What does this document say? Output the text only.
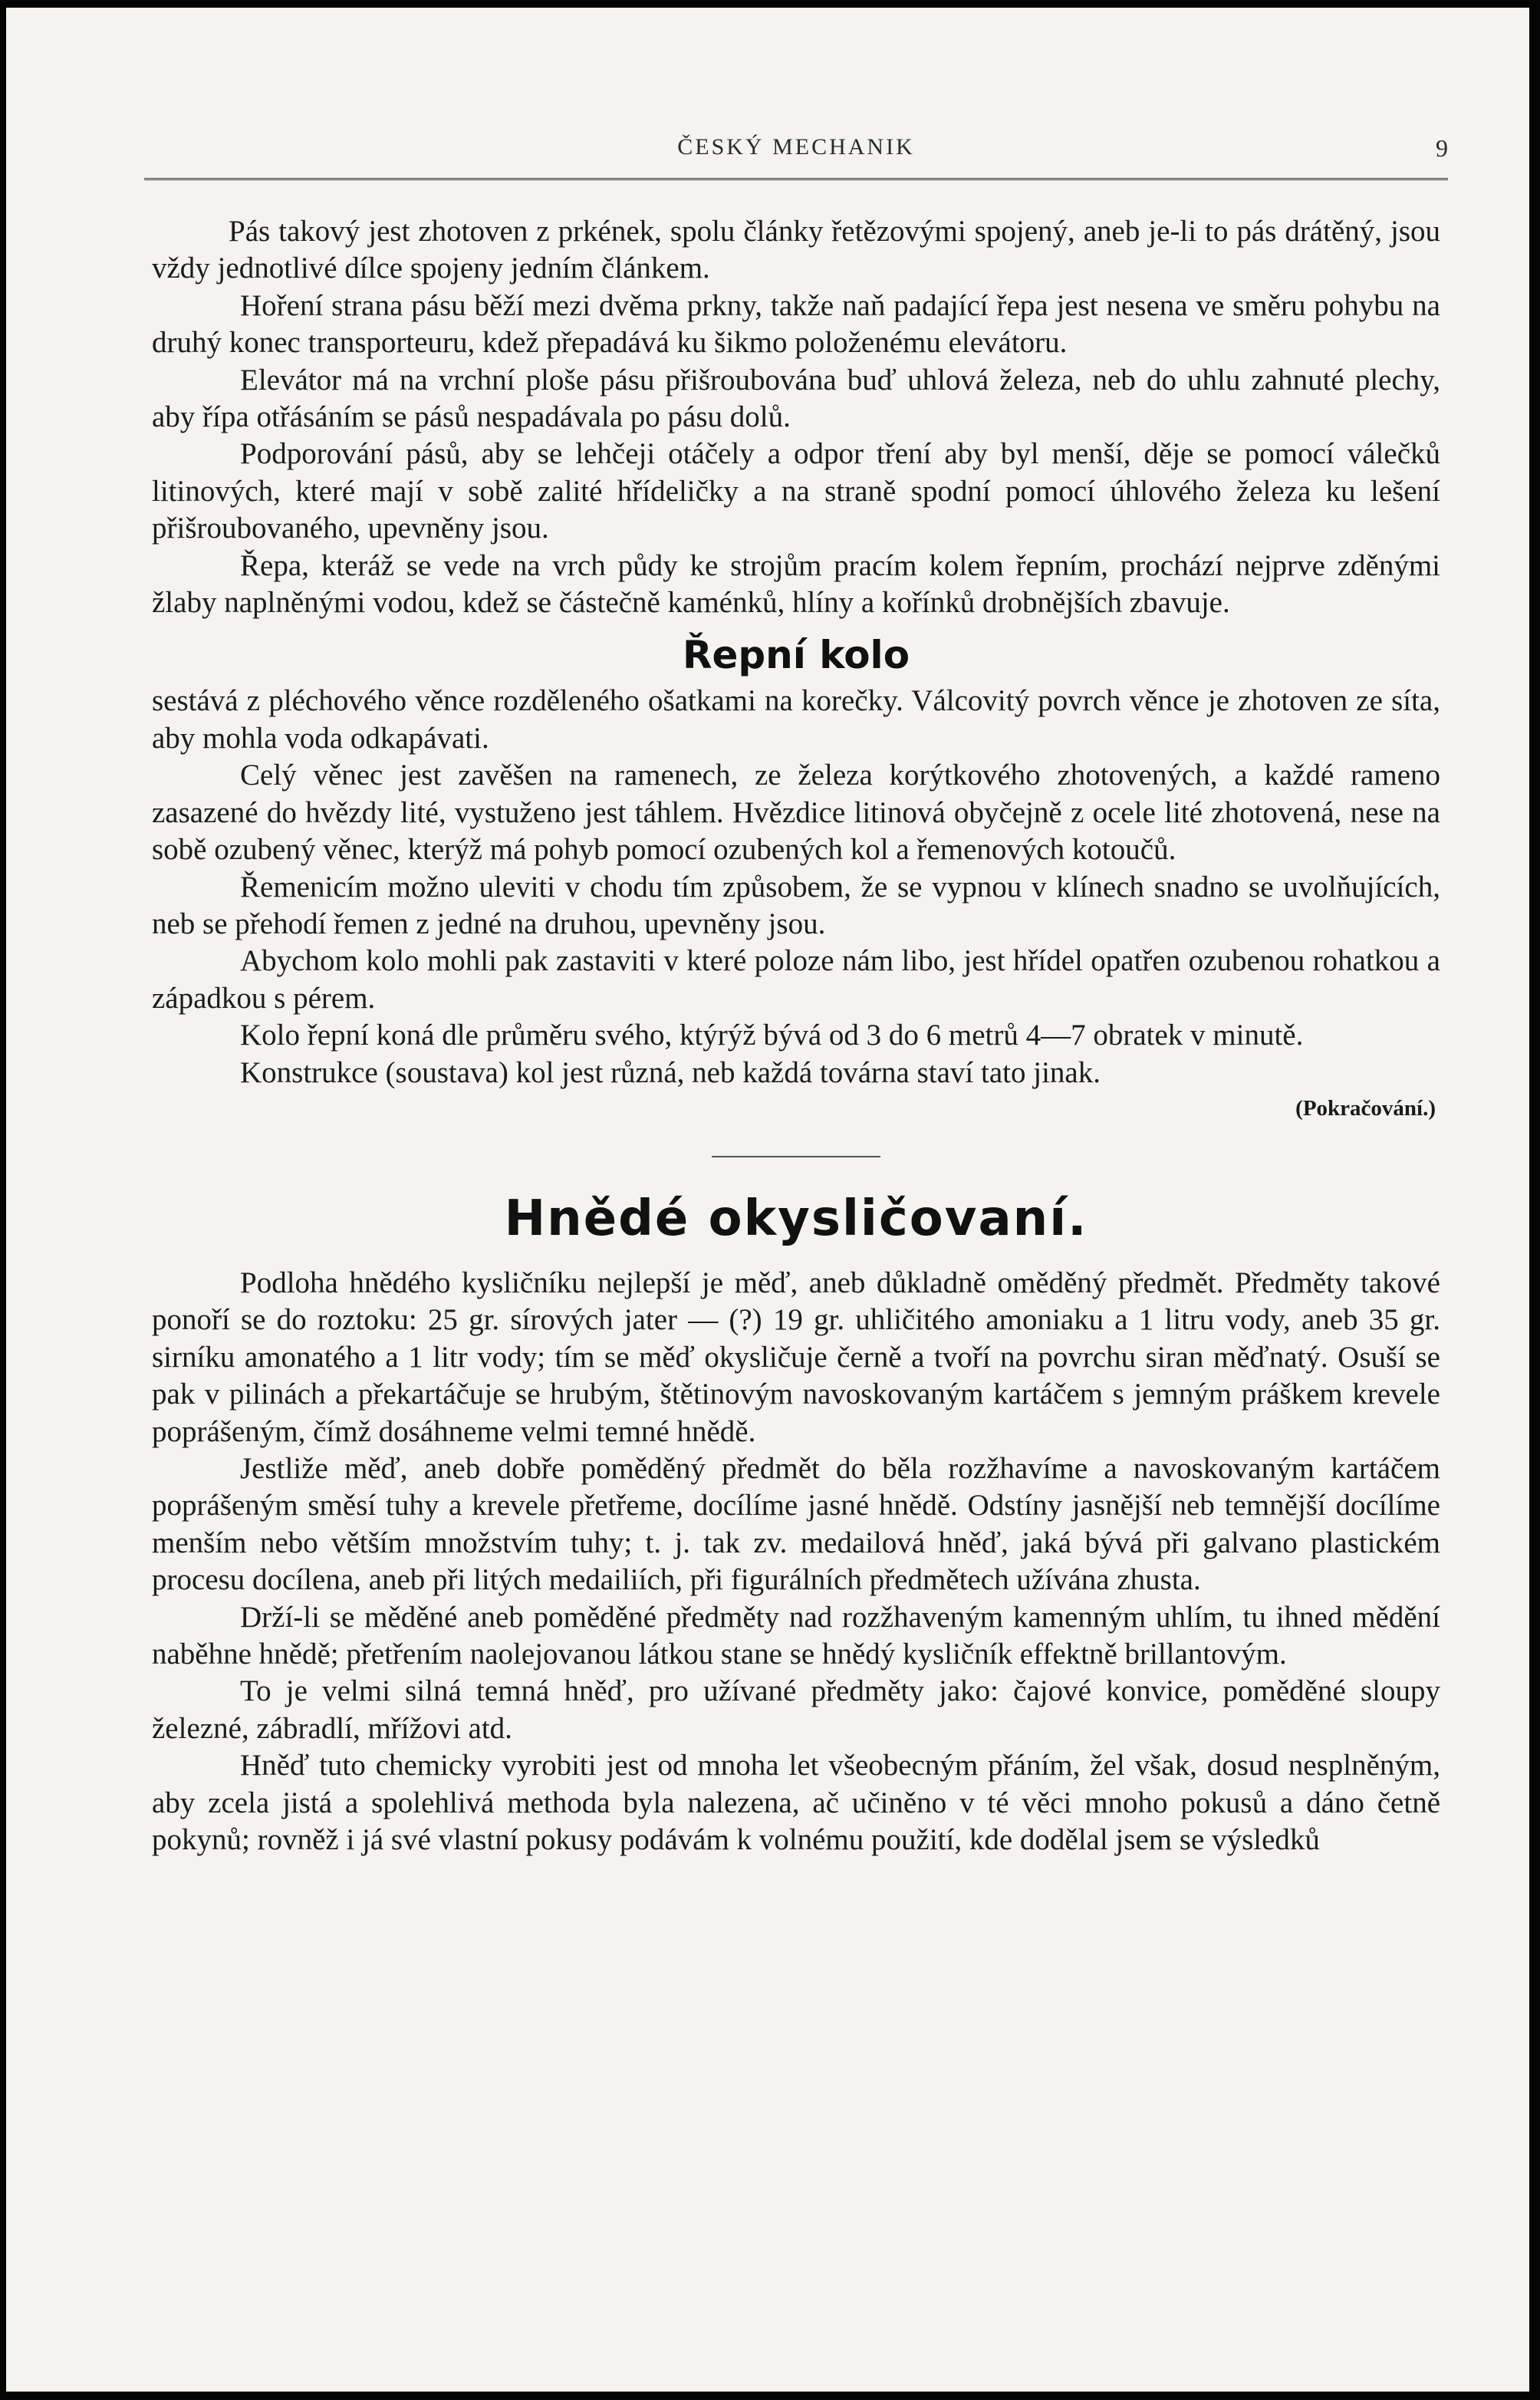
ČESKÝ MECHANIK	9

Pás takový jest zhotoven z prkének, spolu články řetězovými spojený, aneb je-li to pás drátěný, jsou vždy jednotlivé dílce spojeny jedním článkem.

Hoření strana pásu běží mezi dvěma prkny, takže naň padající řepa jest nesena ve směru pohybu na druhý konec transporteuru, kdež přepadává ku šikmo položenému elevátoru.

Elevátor má na vrchní ploše pásu přišroubována buď uhlová železa, neb do uhlu zahnuté plechy, aby řípa otřásáním se pásů nespadávala po pásu dolů.

Podporování pásů, aby se lehčeji otáčely a odpor tření aby byl menší, děje se pomocí válečků litinových, které mají v sobě zalité hřídeličky a na straně spodní pomocí úhlového železa ku lešení přišroubovaného, upevněny jsou.

Řepa, kteráž se vede na vrch půdy ke strojům pracím kolem řepním, prochází nejprve zděnými žlaby naplněnými vodou, kdež se částečně kaménků, hlíny a kořínků drobnějších zbavuje.

Řepní kolo

sestává z pléchového věnce rozděleného ošatkami na korečky. Válcovitý povrch věnce je zhotoven ze síta, aby mohla voda odkapávati.

Celý věnec jest zavěšen na ramenech, ze železa korýtkového zhotovených, a každé rameno zasazené do hvězdy lité, vystuženo jest táhlem. Hvězdice litinová obyčejně z ocele lité zhotovená, nese na sobě ozubený věnec, kterýž má pohyb pomocí ozubených kol a řemenových kotoučů.

Řemenicím možno uleviti v chodu tím způsobem, že se vypnou v klínech snadno se uvolňujících, neb se přehodí řemen z jedné na druhou, upevněny jsou.

Abychom kolo mohli pak zastaviti v které poloze nám libo, jest hřídel opatřen ozubenou rohatkou a západkou s pérem.

Kolo řepní koná dle průměru svého, ktýrýž bývá od 3 do 6 metrů 4—7 obratek v minutě.

Konstrukce (soustava) kol jest různá, neb každá továrna staví tato jinak.

(Pokračování.)
Hnědé okysličovaní.

Podloha hnědého kysličníku nejlepší je měď, aneb důkladně oměděný předmět. Předměty takové ponoří se do roztoku: 25 gr. sírových jater — (?) 19 gr. uhličitého amoniaku a 1 litru vody, aneb 35 gr. sirníku amonatého a 1 litr vody; tím se měď okysličuje černě a tvoří na povrchu siran měďnatý. Osuší se pak v pilinách a překartáčuje se hrubým, štětinovým navoskovaným kartáčem s jemným práškem krevele poprášeným, čímž dosáhneme velmi temné hnědě.

Jestliže měď, aneb dobře poměděný předmět do běla rozžhavíme a navoskovaným kartáčem poprášeným směsí tuhy a krevele přetřeme, docílíme jasné hnědě. Odstíny jasnější neb temnější docílíme menším nebo větším množstvím tuhy; t. j. tak zv. medailová hněď, jaká bývá při galvano plastickém procesu docílena, aneb při litých medailiích, při figurálních předmětech užívána zhusta.

Drží-li se měděné aneb poměděné předměty nad rozžhaveným kamenným uhlím, tu ihned mědění naběhne hnědě; přetřením naolejovanou látkou stane se hnědý kysličník effektně brillantovým.

To je velmi silná temná hněď, pro užívané předměty jako: čajové konvice, poměděné sloupy železné, zábradlí, mřížovi atd.

Hněď tuto chemicky vyrobiti jest od mnoha let všeobecným přáním, žel však, dosud nesplněným, aby zcela jistá a spolehlivá methoda byla nalezena, ač učiněno v té věci mnoho pokusů a dáno četně pokynů; rovněž i já své vlastní pokusy podávám k volnému použití, kde dodělal jsem se výsledků
